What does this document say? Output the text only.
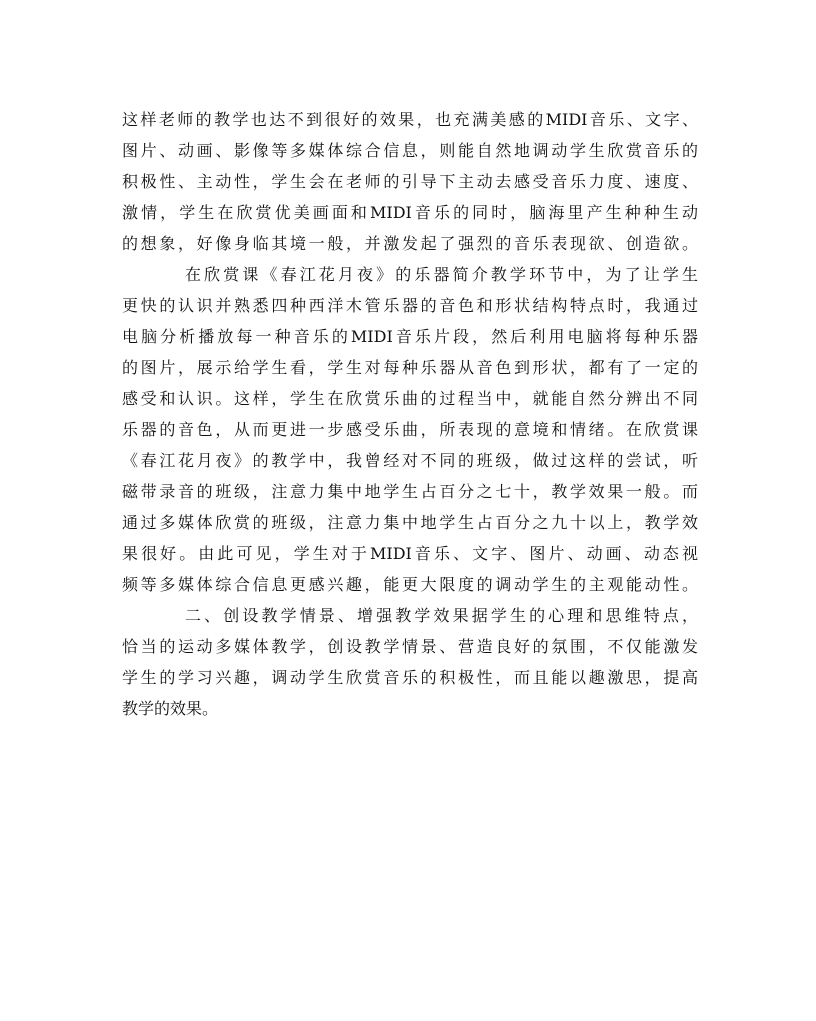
这样老师的教学也达不到很好的效果，也充满美感的MIDI音乐、文字、
图片、动画、影像等多媒体综合信息，则能自然地调动学生欣赏音乐的
积极性、主动性，学生会在老师的引导下主动去感受音乐力度、速度、
激情，学生在欣赏优美画面和MIDI音乐的同时，脑海里产生种种生动
的想象，好像身临其境一般，并激发起了强烈的音乐表现欲、创造欲。

在欣赏课《春江花月夜》的乐器简介教学环节中，为了让学生
更快的认识并熟悉四种西洋木管乐器的音色和形状结构特点时，我通过
电脑分析播放每一种音乐的MIDI音乐片段，然后利用电脑将每种乐器
的图片，展示给学生看，学生对每种乐器从音色到形状，都有了一定的
感受和认识。这样，学生在欣赏乐曲的过程当中，就能自然分辨出不同
乐器的音色，从而更进一步感受乐曲，所表现的意境和情绪。在欣赏课
《春江花月夜》的教学中，我曾经对不同的班级，做过这样的尝试，听
磁带录音的班级，注意力集中地学生占百分之七十，教学效果一般。而
通过多媒体欣赏的班级，注意力集中地学生占百分之九十以上，教学效
果很好。由此可见，学生对于MIDI音乐、文字、图片、动画、动态视
频等多媒体综合信息更感兴趣，能更大限度的调动学生的主观能动性。

二、创设教学情景、增强教学效果据学生的心理和思维特点，
恰当的运动多媒体教学，创设教学情景、营造良好的氛围，不仅能激发
学生的学习兴趣，调动学生欣赏音乐的积极性，而且能以趣激思，提高
教学的效果。
